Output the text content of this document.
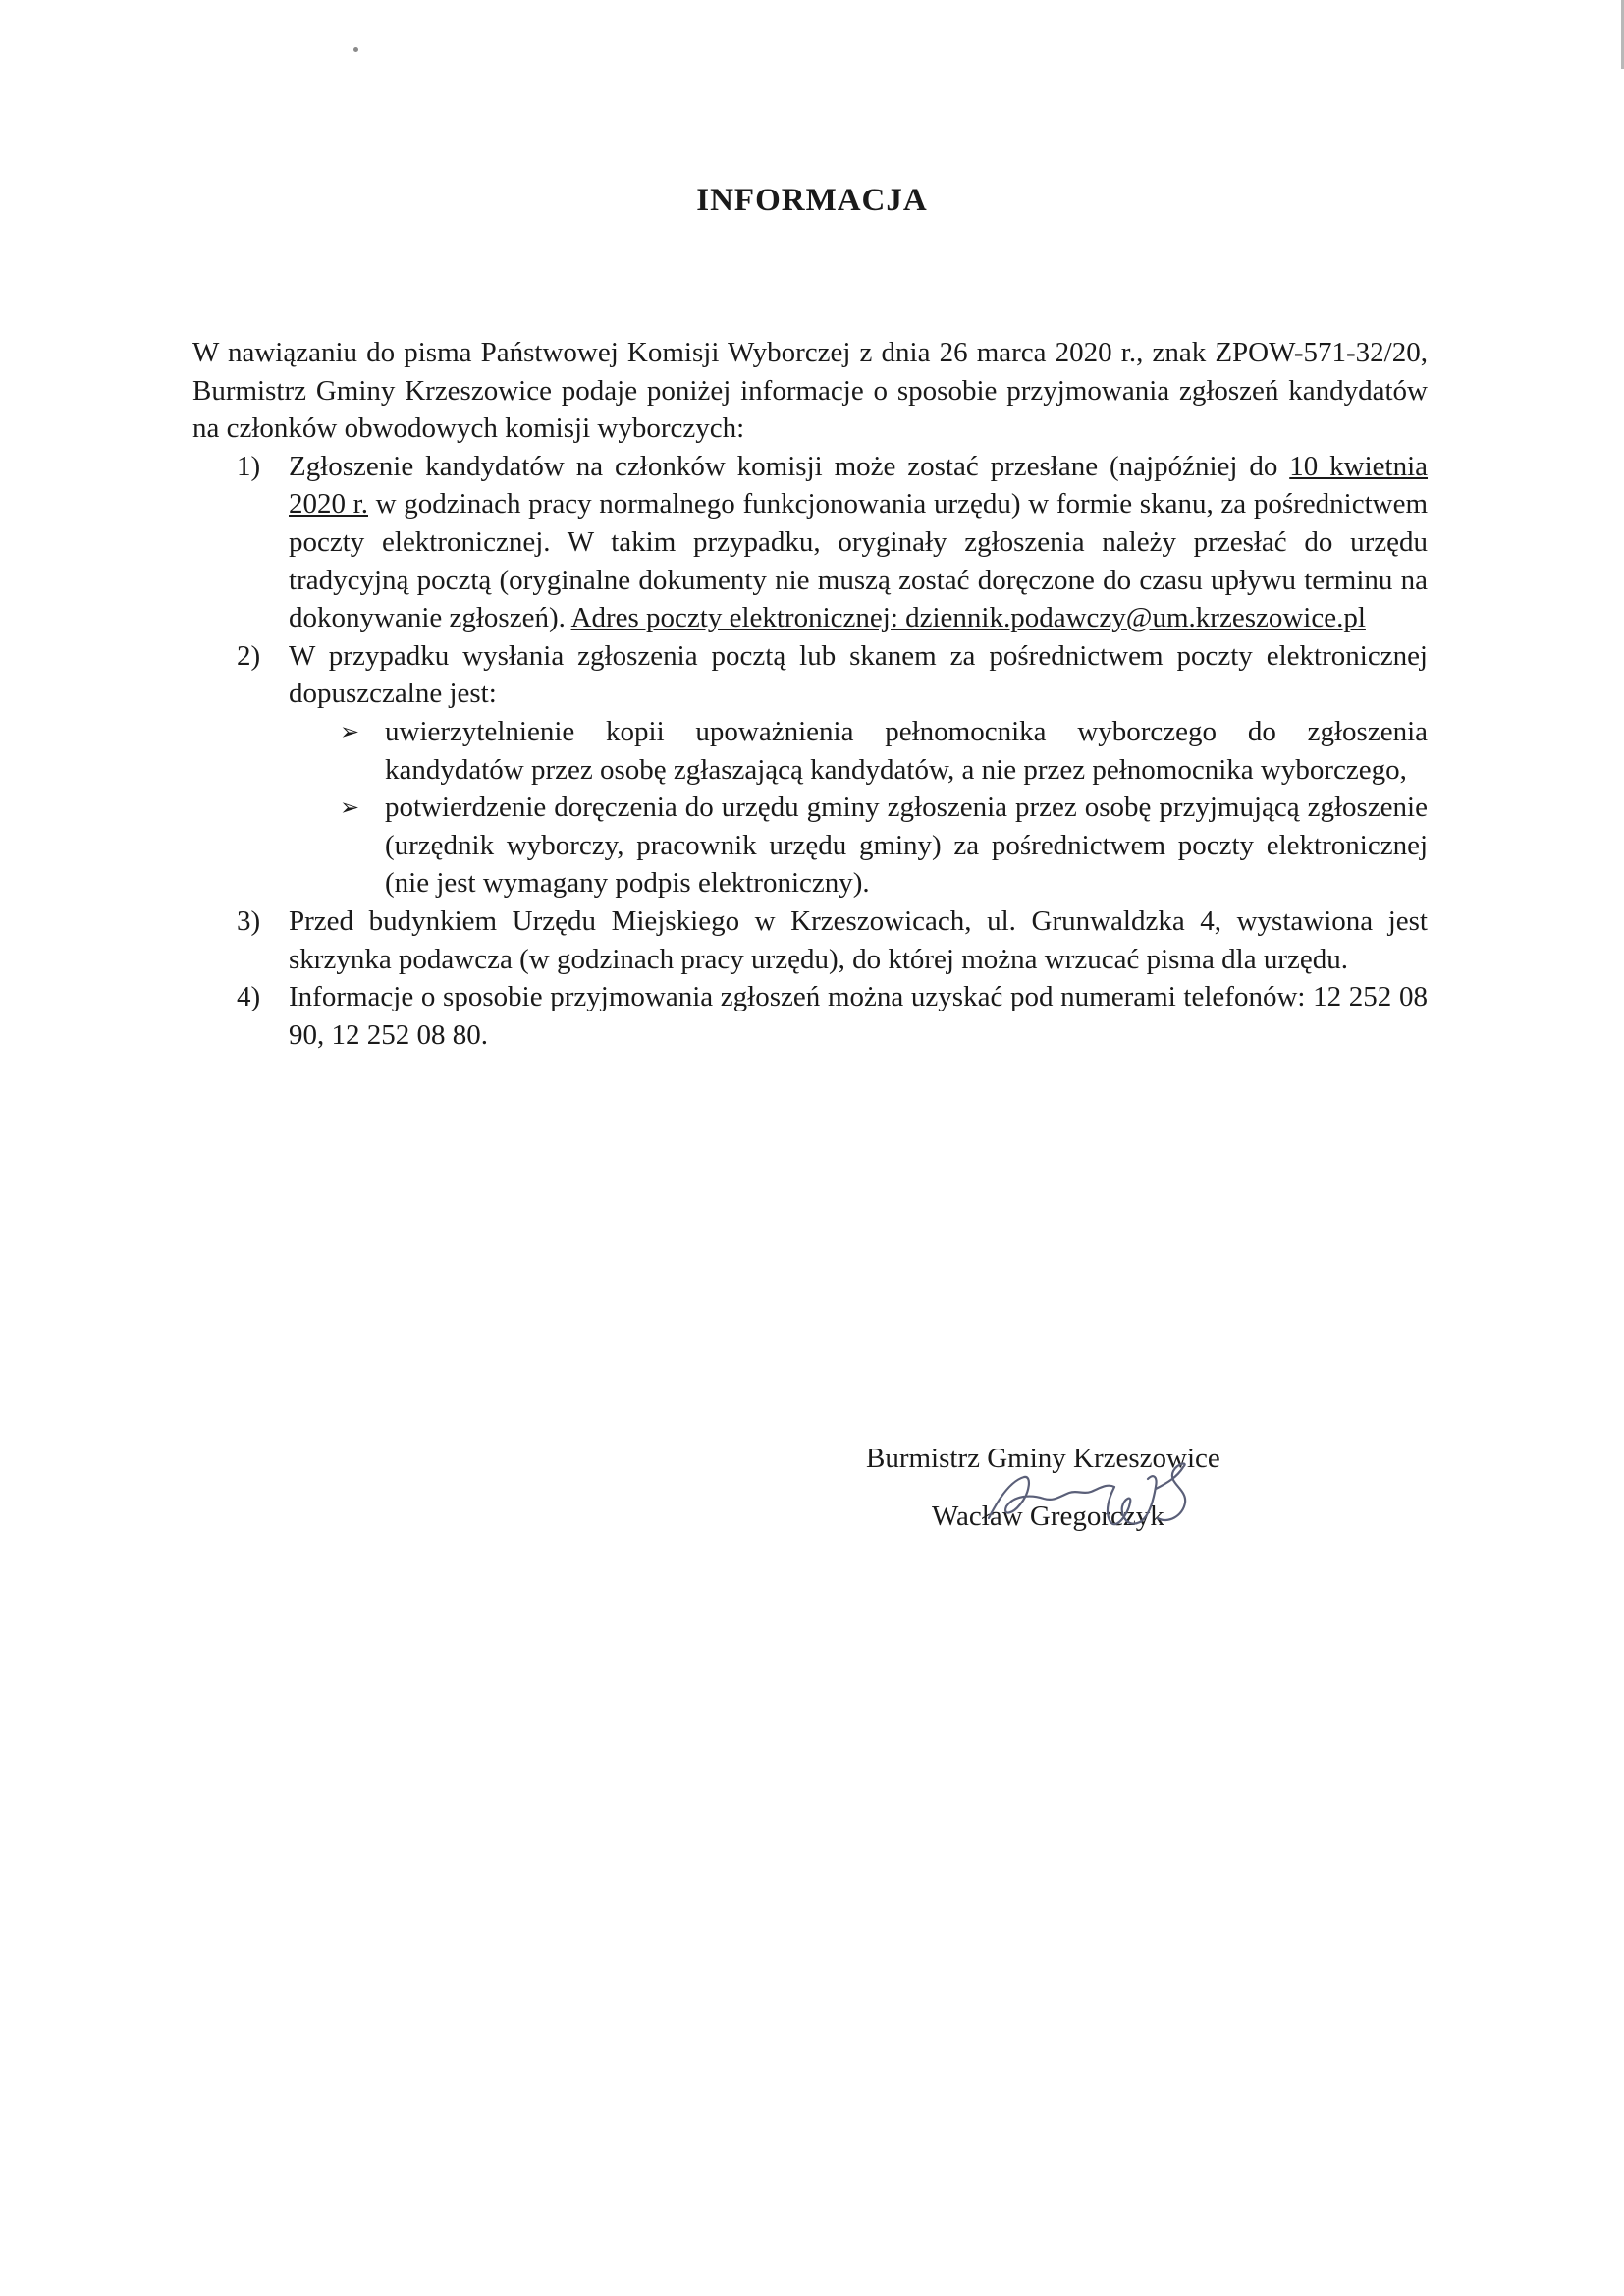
INFORMACJA

W nawiązaniu do pisma Państwowej Komisji Wyborczej z dnia 26 marca 2020 r., znak ZPOW-571-32/20, Burmistrz Gminy Krzeszowice podaje poniżej informacje o sposobie przyjmowania zgłoszeń kandydatów na członków obwodowych komisji wyborczych:

1) Zgłoszenie kandydatów na członków komisji może zostać przesłane (najpóźniej do 10 kwietnia 2020 r. w godzinach pracy normalnego funkcjonowania urzędu) w formie skanu, za pośrednictwem poczty elektronicznej. W takim przypadku, oryginały zgłoszenia należy przesłać do urzędu tradycyjną pocztą (oryginalne dokumenty nie muszą zostać doręczone do czasu upływu terminu na dokonywanie zgłoszeń). Adres poczty elektronicznej: dziennik.podawczy@um.krzeszowice.pl
2) W przypadku wysłania zgłoszenia pocztą lub skanem za pośrednictwem poczty elektronicznej dopuszczalne jest:
➢ uwierzytelnienie kopii upoważnienia pełnomocnika wyborczego do zgłoszenia kandydatów przez osobę zgłaszającą kandydatów, a nie przez pełnomocnika wyborczego,
➢ potwierdzenie doręczenia do urzędu gminy zgłoszenia przez osobę przyjmującą zgłoszenie (urzędnik wyborczy, pracownik urzędu gminy) za pośrednictwem poczty elektronicznej (nie jest wymagany podpis elektroniczny).
3) Przed budynkiem Urzędu Miejskiego w Krzeszowicach, ul. Grunwaldzka 4, wystawiona jest skrzynka podawcza (w godzinach pracy urzędu), do której można wrzucać pisma dla urzędu.
4) Informacje o sposobie przyjmowania zgłoszeń można uzyskać pod numerami telefonów: 12 252 08 90, 12 252 08 80.
Burmistrz Gminy Krzeszowice
Wacław Gregorczyk
